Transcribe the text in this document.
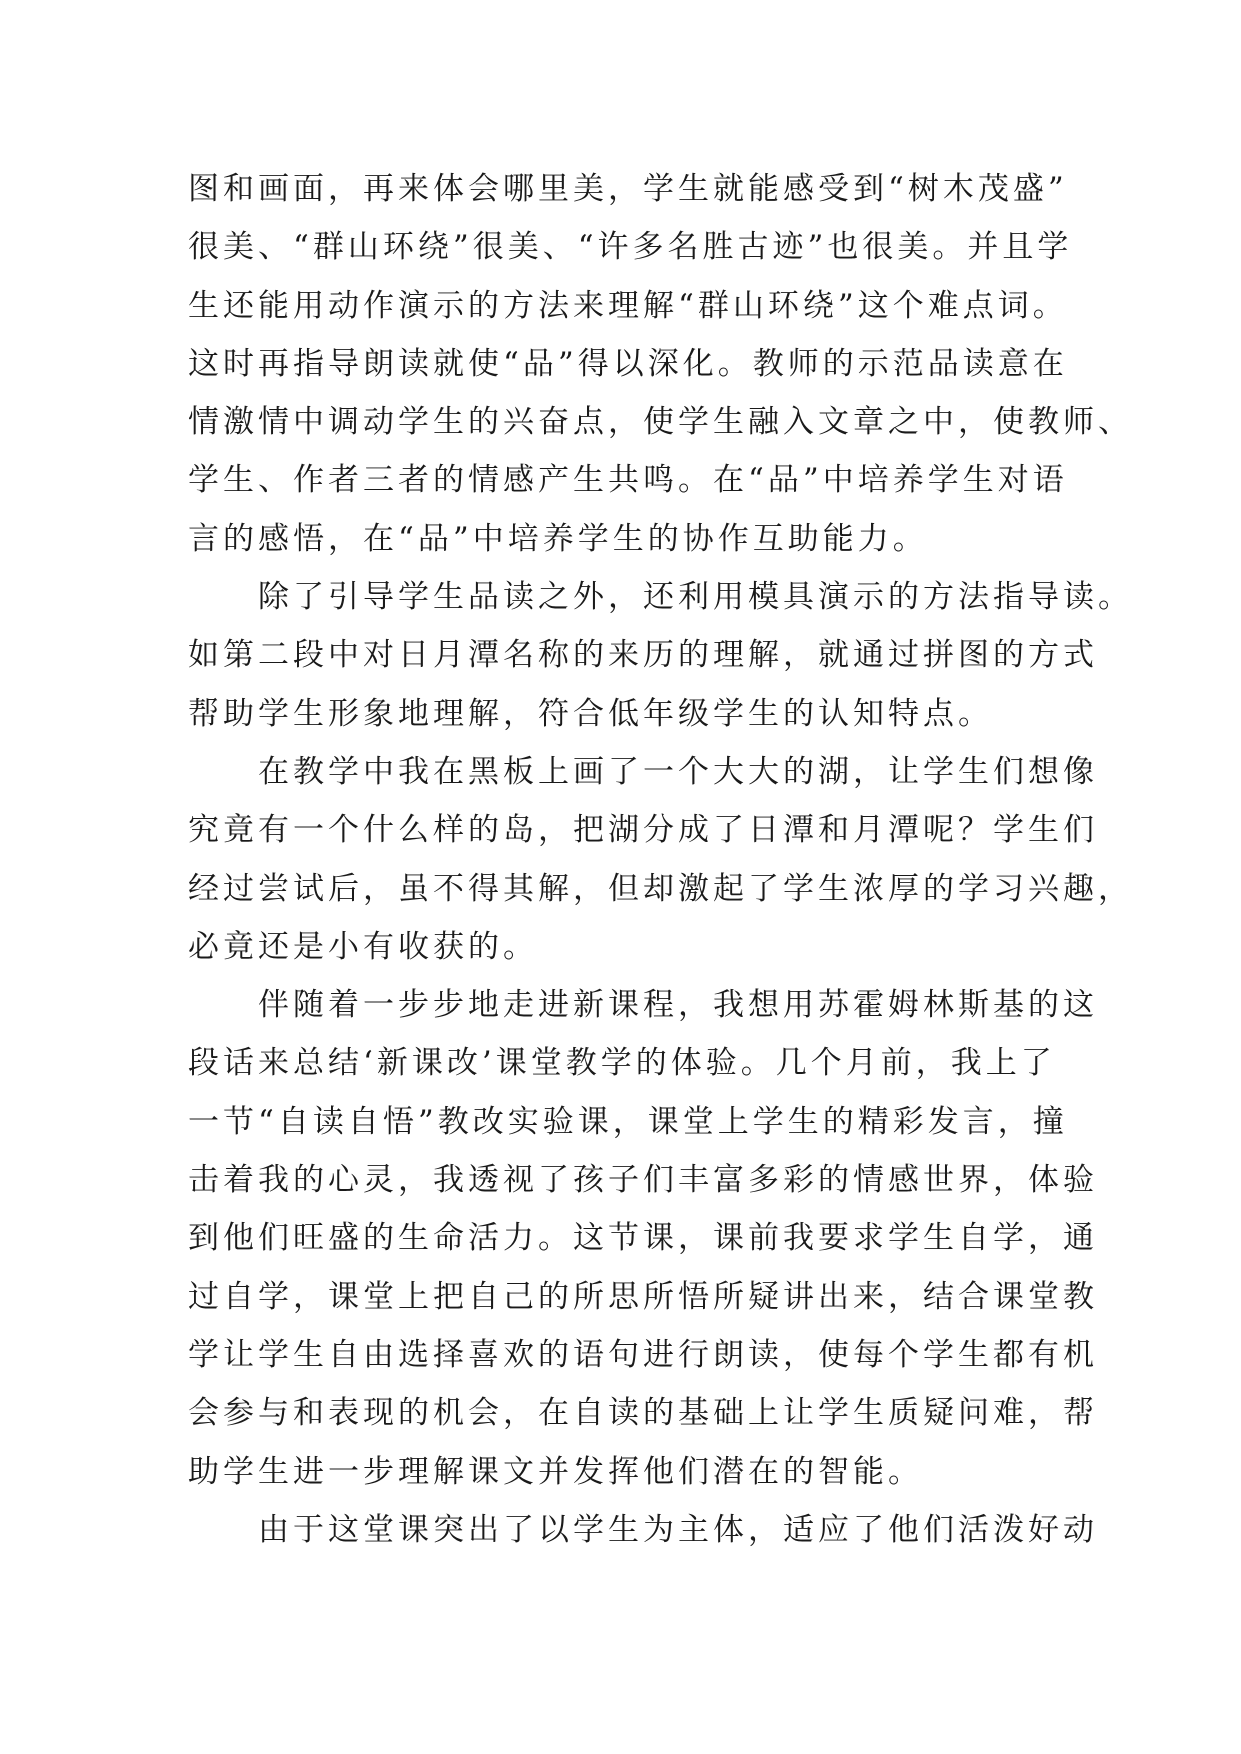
图和画面，再来体会哪里美，学生就能感受到“树木茂盛”
很美、“群山环绕”很美、“许多名胜古迹”也很美。并且学
生还能用动作演示的方法来理解“群山环绕”这个难点词。
这时再指导朗读就使“品”得以深化。教师的示范品读意在
情激情中调动学生的兴奋点，使学生融入文章之中，使教师、
学生、作者三者的情感产生共鸣。在“品”中培养学生对语
言的感悟，在“品”中培养学生的协作互助能力。
除了引导学生品读之外，还利用模具演示的方法指导读。
如第二段中对日月潭名称的来历的理解，就通过拼图的方式
帮助学生形象地理解，符合低年级学生的认知特点。
在教学中我在黑板上画了一个大大的湖，让学生们想像
究竟有一个什么样的岛，把湖分成了日潭和月潭呢？学生们
经过尝试后，虽不得其解，但却激起了学生浓厚的学习兴趣，
必竟还是小有收获的。
伴随着一步步地走进新课程，我想用苏霍姆林斯基的这
段话来总结‘新课改’课堂教学的体验。几个月前，我上了
一节“自读自悟”教改实验课，课堂上学生的精彩发言，撞
击着我的心灵，我透视了孩子们丰富多彩的情感世界，体验
到他们旺盛的生命活力。这节课，课前我要求学生自学，通
过自学，课堂上把自己的所思所悟所疑讲出来，结合课堂教
学让学生自由选择喜欢的语句进行朗读，使每个学生都有机
会参与和表现的机会，在自读的基础上让学生质疑问难，帮
助学生进一步理解课文并发挥他们潜在的智能。
由于这堂课突出了以学生为主体，适应了他们活泼好动
